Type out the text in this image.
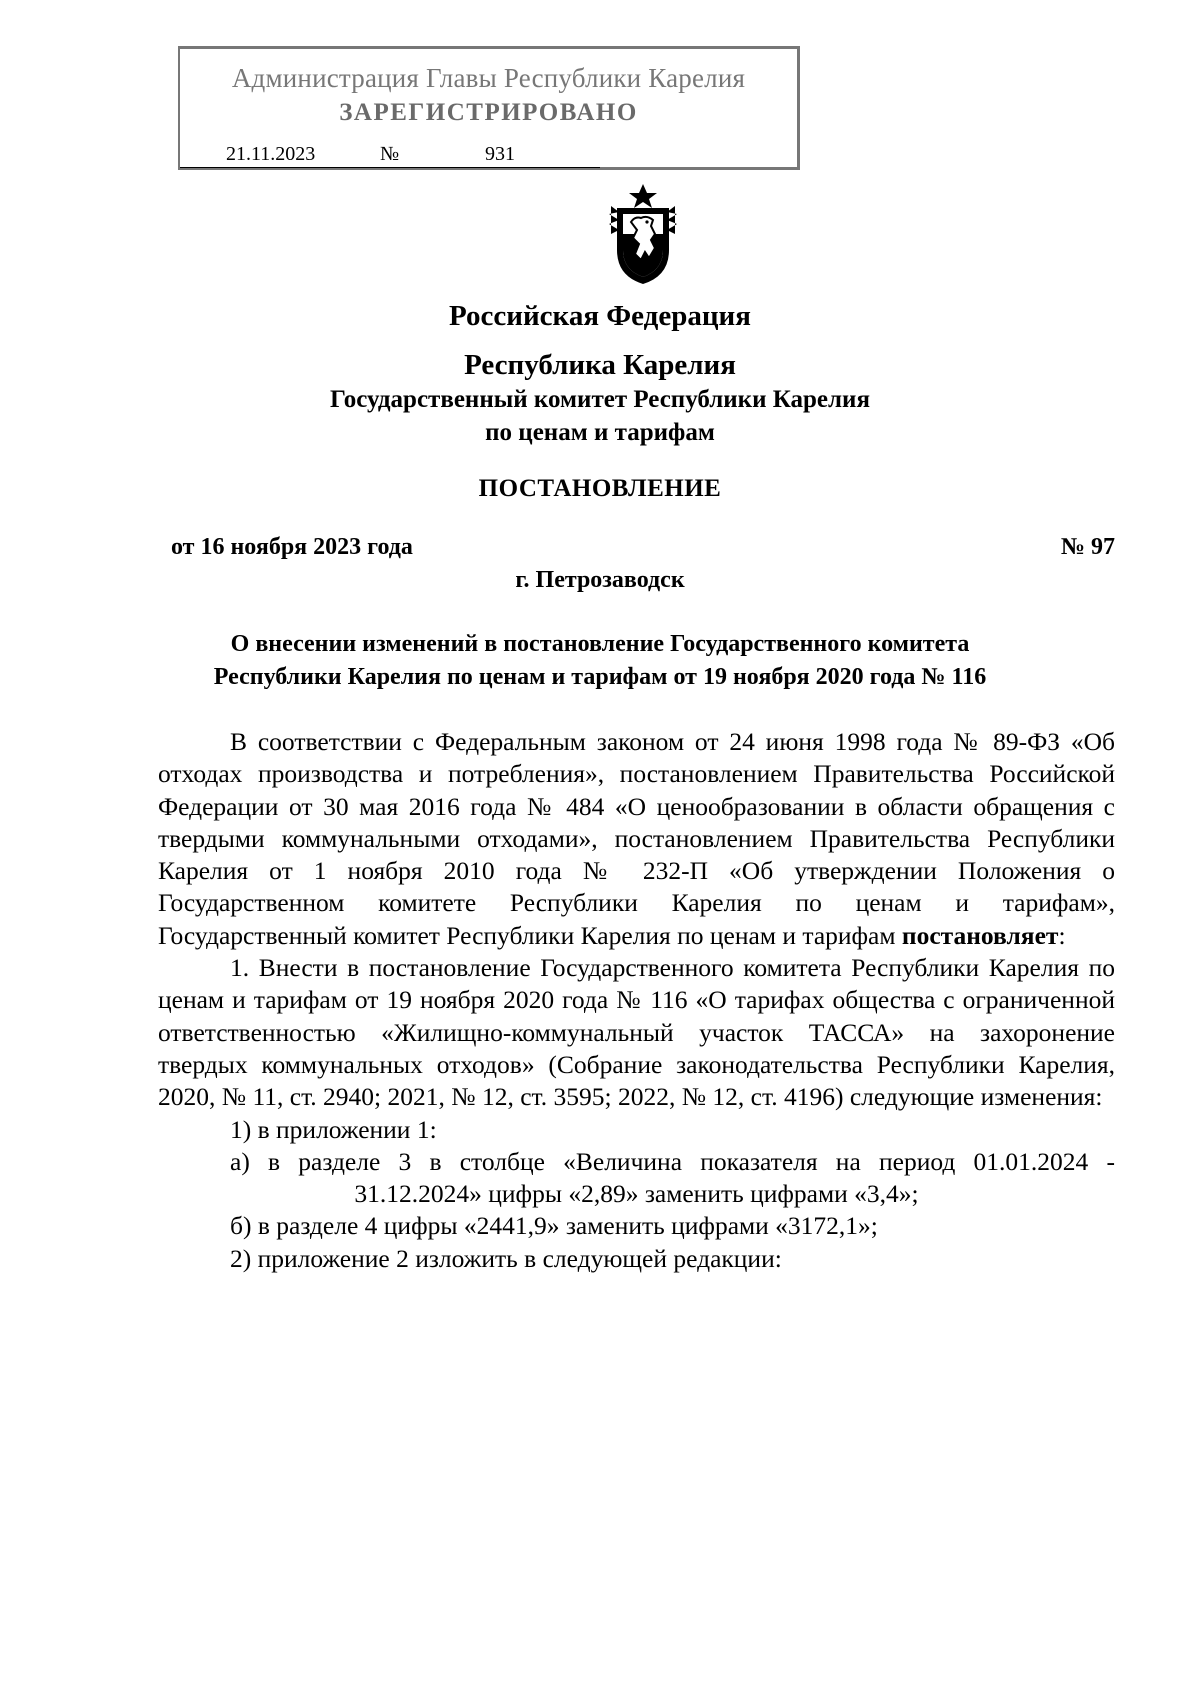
Администрация Главы Республики Карелия
ЗАРЕГИСТРИРОВАНО
21.11.2023	№	931
Российская Федерация
Республика Карелия
Государственный комитет Республики Карелия
по ценам и тарифам
ПОСТАНОВЛЕНИЕ
от 16 ноября 2023 года	№ 97
г. Петрозаводск
О внесении изменений в постановление Государственного комитета
Республики Карелия по ценам и тарифам от 19 ноября 2020 года № 116

В соответствии с Федеральным законом от 24 июня 1998 года № 89-ФЗ «Об отходах производства и потребления», постановлением Правительства Российской Федерации от 30 мая 2016 года № 484 «О ценообразовании в области обращения с твердыми коммунальными отходами», постановлением Правительства Республики Карелия от 1 ноября 2010 года № 232-П «Об утверждении Положения о Государственном комитете Республики Карелия по ценам и тарифам», Государственный комитет Республики Карелия по ценам и тарифам постановляет:

1. Внести в постановление Государственного комитета Республики Карелия по ценам и тарифам от 19 ноября 2020 года № 116 «О тарифах общества с ограниченной ответственностью «Жилищно-коммунальный участок ТАССА» на захоронение твердых коммунальных отходов» (Собрание законодательства Республики Карелия, 2020, № 11, ст. 2940; 2021, № 12, ст. 3595; 2022, № 12, ст. 4196) следующие изменения:

1) в приложении 1:

а) в разделе 3 в столбце «Величина показателя на период 01.01.2024 - 31.12.2024» цифры «2,89» заменить цифрами «3,4»;

б) в разделе 4 цифры «2441,9» заменить цифрами «3172,1»;

2) приложение 2 изложить в следующей редакции:
